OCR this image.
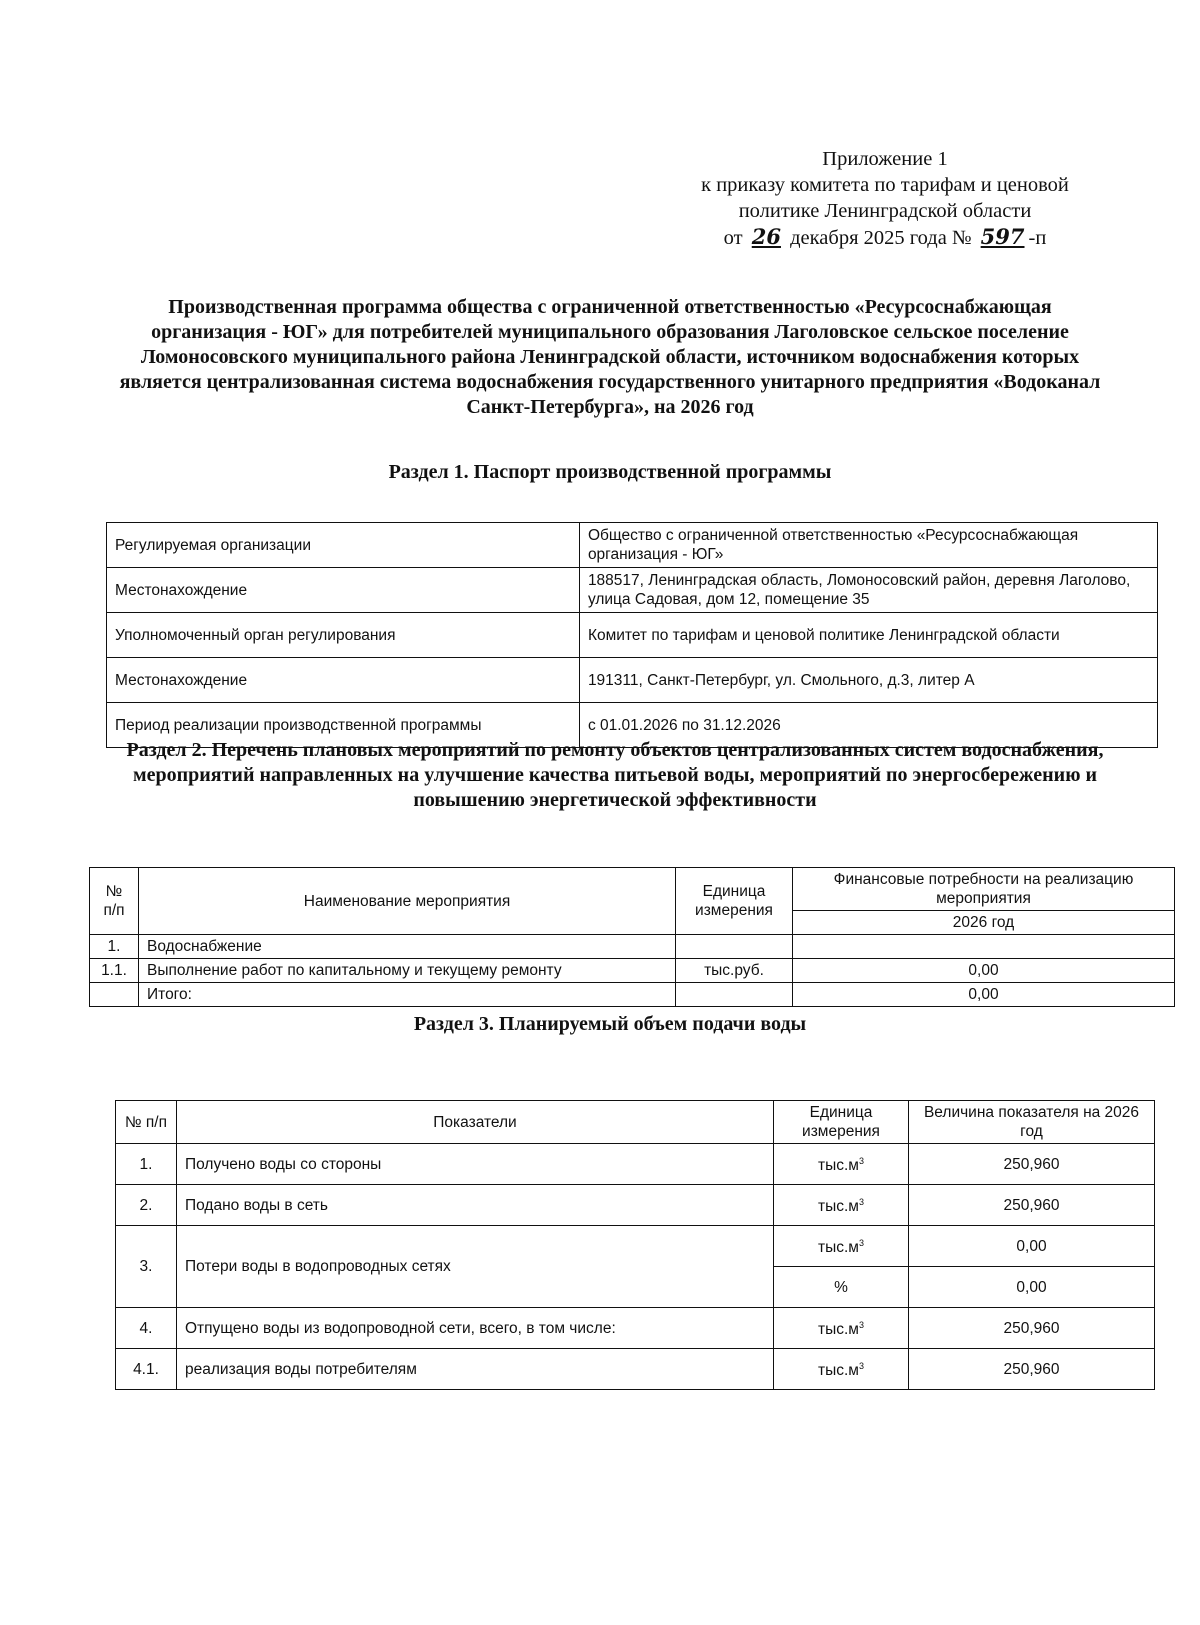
Приложение 1
к приказу комитета по тарифам и ценовой
политике Ленинградской области
от 26 декабря 2025 года № 597 -п
Производственная программа общества с ограниченной ответственностью «Ресурсоснабжающая организация - ЮГ» для потребителей муниципального образования Лаголовское сельское поселение Ломоносовского муниципального района Ленинградской области, источником водоснабжения которых является централизованная система водоснабжения государственного унитарного предприятия «Водоканал Санкт-Петербурга», на 2026 год
Раздел 1. Паспорт производственной программы
Регулируемая организации	Общество с ограниченной ответственностью «Ресурсоснабжающая организация - ЮГ»
Местонахождение	188517, Ленинградская область, Ломоносовский район, деревня Лаголово, улица Садовая, дом 12, помещение 35
Уполномоченный орган регулирования	Комитет по тарифам и ценовой политике Ленинградской области
Местонахождение	191311, Санкт-Петербург, ул. Смольного, д.3, литер А
Период реализации производственной программы	с 01.01.2026 по 31.12.2026
Раздел 2. Перечень плановых мероприятий по ремонту объектов централизованных систем водоснабжения, мероприятий направленных на улучшение качества питьевой воды, мероприятий по энергосбережению и повышению энергетической эффективности
№ п/п	Наименование мероприятия	Единица измерения	Финансовые потребности на реализацию мероприятия
			2026 год
1.	Водоснабжение		
1.1.	Выполнение работ по капитальному и текущему ремонту	тыс.руб.	0,00
	Итого:		0,00
Раздел 3. Планируемый объем подачи воды
№ п/п	Показатели	Единица измерения	Величина показателя на 2026 год
1.	Получено воды со стороны	$тыс.м^3$	250,960
2.	Подано воды в сеть	$тыс.м^3$	250,960
3.	Потери воды в водопроводных сетях	$тыс.м^3$	0,00
		%	0,00
4.	Отпущено воды из водопроводной сети, всего, в том числе:	$тыс.м^3$	250,960
4.1.	реализация воды потребителям	$тыс.м^3$	250,960
